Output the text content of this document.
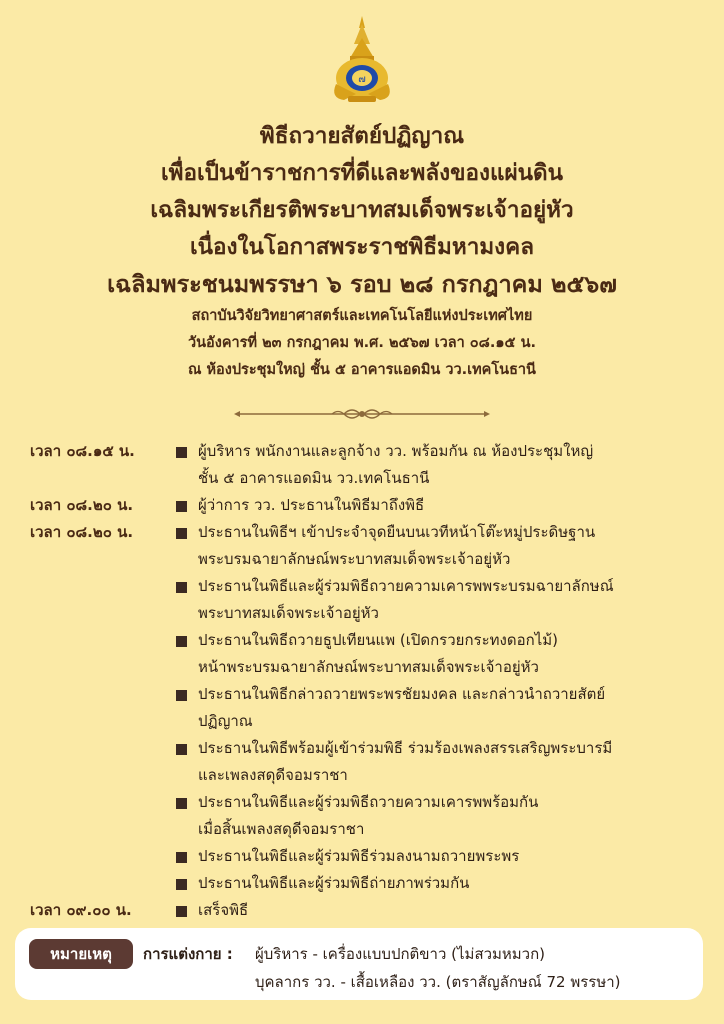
๗
พิธีถวายสัตย์ปฏิญาณ
เพื่อเป็นข้าราชการที่ดีและพลังของแผ่นดิน
เฉลิมพระเกียรติพระบาทสมเด็จพระเจ้าอยู่หัว
เนื่องในโอกาสพระราชพิธีมหามงคล
เฉลิมพระชนมพรรษา ๖ รอบ ๒๘ กรกฎาคม ๒๕๖๗
สถาบันวิจัยวิทยาศาสตร์และเทคโนโลยีแห่งประเทศไทย
วันอังคารที่ ๒๓ กรกฎาคม พ.ศ. ๒๕๖๗ เวลา ๐๘.๑๕ น.
ณ ห้องประชุมใหญ่ ชั้น ๕ อาคารแอดมิน วว.เทคโนธานี
เวลา ๐๘.๑๕ น.	ผู้บริหาร พนักงานและลูกจ้าง วว. พร้อมกัน ณ ห้องประชุมใหญ่
ชั้น ๕ อาคารแอดมิน วว.เทคโนธานี
เวลา ๐๘.๒๐ น.	ผู้ว่าการ วว. ประธานในพิธีมาถึงพิธี
เวลา ๐๘.๒๐ น.	ประธานในพิธีฯ เข้าประจำจุดยืนบนเวทีหน้าโต๊ะหมู่ประดิษฐาน
พระบรมฉายาลักษณ์พระบาทสมเด็จพระเจ้าอยู่หัว
ประธานในพิธีและผู้ร่วมพิธีถวายความเคารพพระบรมฉายาลักษณ์
พระบาทสมเด็จพระเจ้าอยู่หัว
ประธานในพิธีถวายธูปเทียนแพ (เปิดกรวยกระทงดอกไม้)
หน้าพระบรมฉายาลักษณ์พระบาทสมเด็จพระเจ้าอยู่หัว
ประธานในพิธีกล่าวถวายพระพรชัยมงคล และกล่าวนำถวายสัตย์
ปฏิญาณ
ประธานในพิธีพร้อมผู้เข้าร่วมพิธี ร่วมร้องเพลงสรรเสริญพระบารมี
และเพลงสดุดีจอมราชา
ประธานในพิธีและผู้ร่วมพิธีถวายความเคารพพร้อมกัน
เมื่อสิ้นเพลงสดุดีจอมราชา
ประธานในพิธีและผู้ร่วมพิธีร่วมลงนามถวายพระพร
ประธานในพิธีและผู้ร่วมพิธีถ่ายภาพร่วมกัน
เวลา ๐๙.๐๐ น.	เสร็จพิธี
หมายเหตุ	การแต่งกาย : ผู้บริหาร - เครื่องแบบปกติขาว (ไม่สวมหมวก)
บุคลากร วว. - เสื้อเหลือง วว. (ตราสัญลักษณ์ 72 พรรษา)
